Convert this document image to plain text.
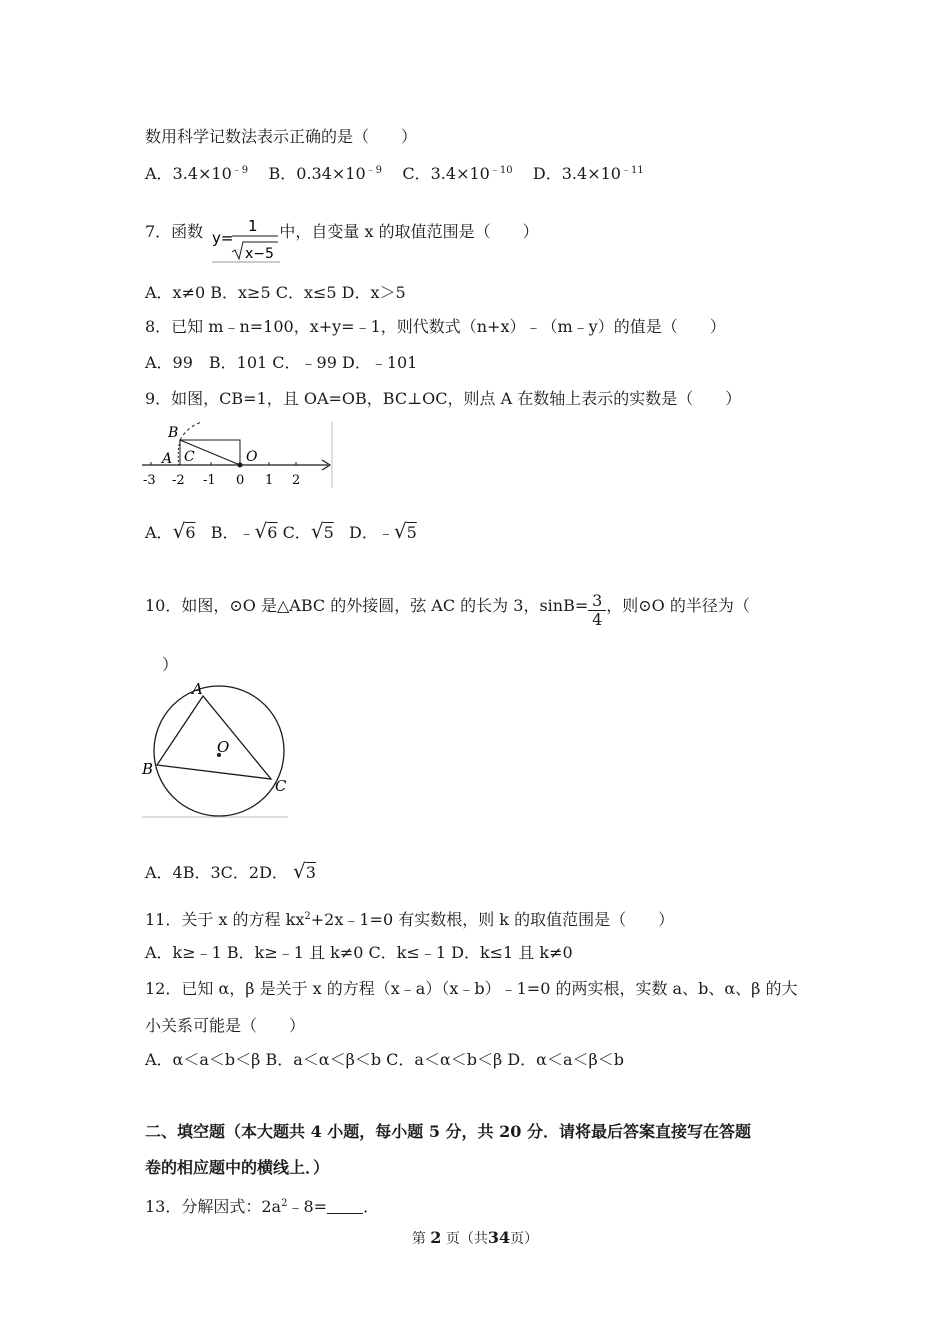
数用科学记数法表示正确的是（　　）
A．$3.4\times 10^{﹣9}$ B．$0.34\times 10^{﹣9}$ C．$3.4\times 10^{﹣10}$ D．$3.4\times 10^{﹣11}$
7．函数	中，自变量 x 的取值范围是（　　）
1
y=
x−5
A．x≠0 B．x≥5 C．x≤5 D．x＞5
8．已知 m﹣n=100，x+y=﹣1，则代数式（n+x）﹣（m﹣y）的值是（　　）
A．99　B．101 C．﹣99 D．﹣101
9．如图，CB=1，且 OA=OB，BC⊥OC，则点 A 在数轴上表示的实数是（　　）
B
A C	O
-3 -2 -1 0 1 2
A．√6 B．﹣√6 C．√5 D．﹣√5
10．如图，⊙O 是△ABC 的外接圆，弦 AC 的长为 3，$\sin B= \frac{3}{4}$ ，则⊙O 的半径为（
）
A
O
B
C
A．4B．3C．2D． √3
11．关于 x 的方程 $kx^2+2x﹣1=0$ 有实数根，则 k 的取值范围是（　　）
A．k≥﹣1 B．k≥﹣1 且 k≠0 C．k≤﹣1 D．k≤1 且 k≠0
12．已知 α，β 是关于 x 的方程（x﹣a）（x﹣b）﹣1=0 的两实根，实数 a、b、α、β 的大
小关系可能是（　　）
A．α＜a＜b＜β B．a＜α＜β＜b C．a＜α＜b＜β D．α＜a＜β＜b
二、填空题（本大题共 4 小题，每小题 5 分，共 20 分．请将最后答案直接写在答题
卷的相应题中的横线上．）
13．分解因式：$2a^2﹣8=$ ．
第 2 页（共34页）
